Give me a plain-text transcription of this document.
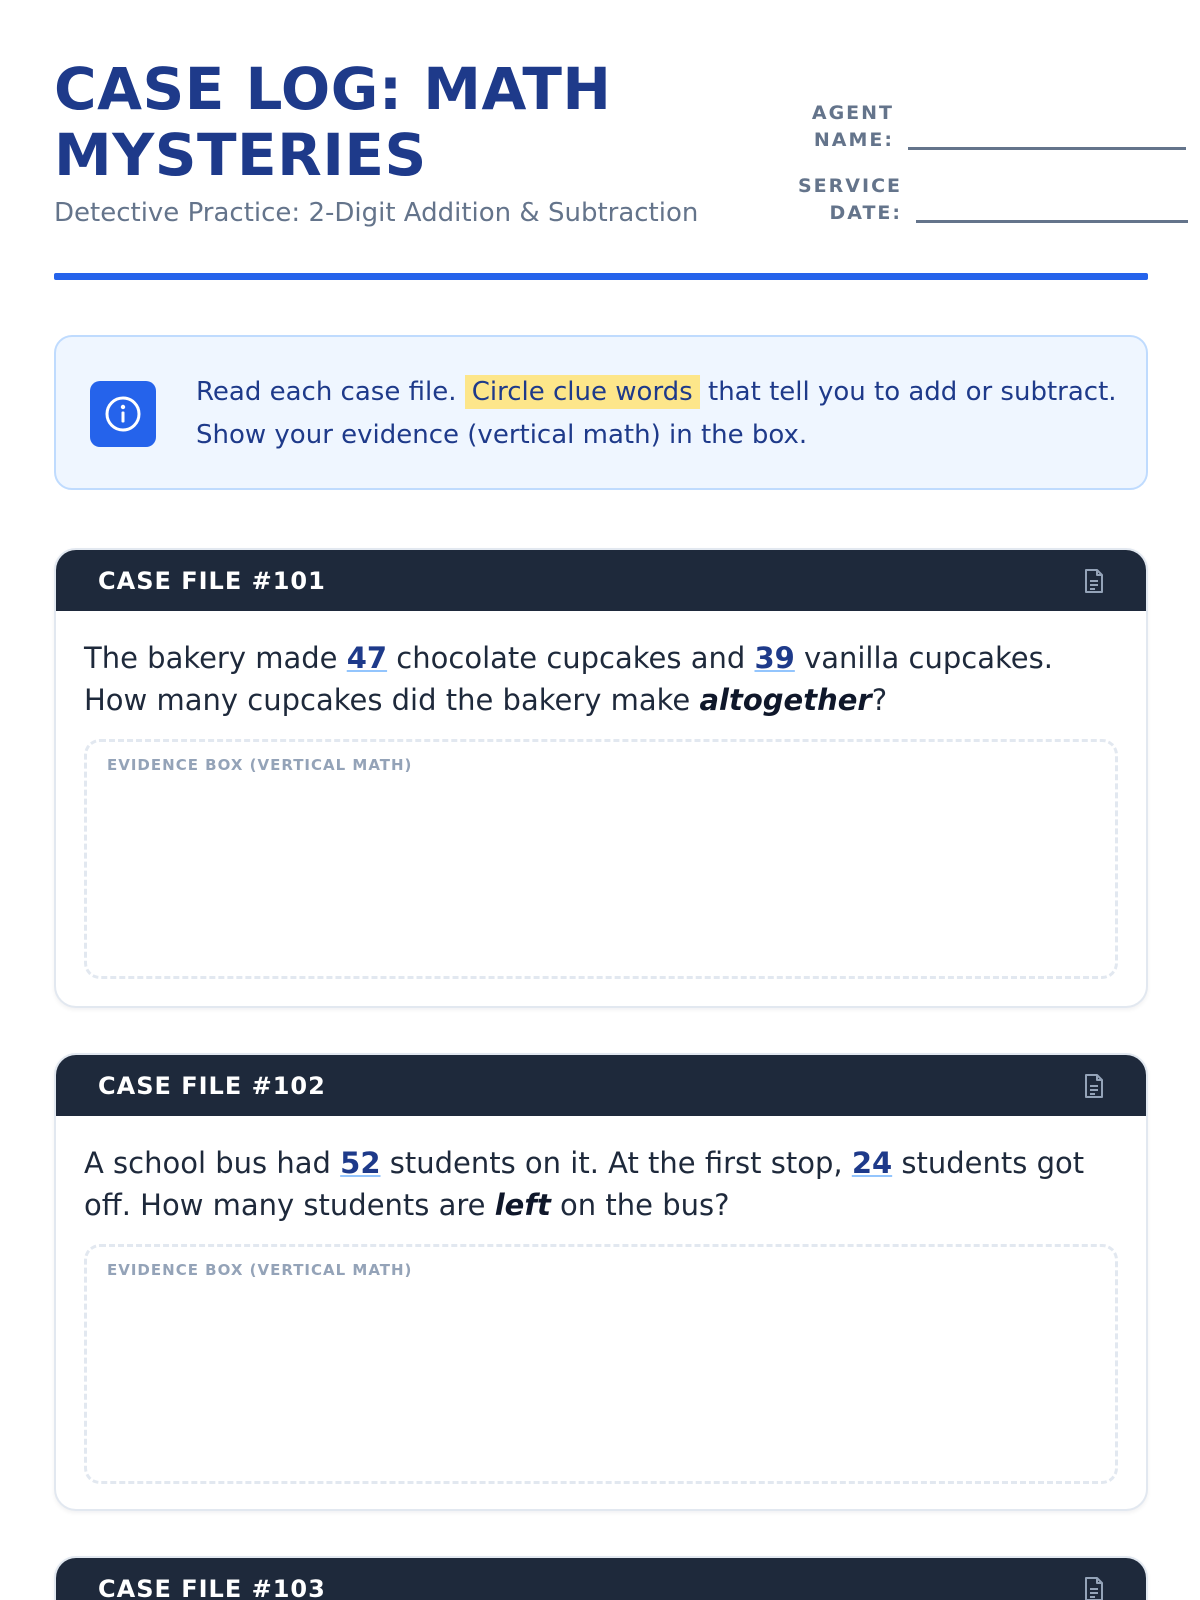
CASE LOG: MATH MYSTERIES
Detective Practice: 2-Digit Addition & Subtraction
AGENT NAME:
SERVICE DATE:

Read each case file. Circle clue words that tell you to add or subtract. Show your evidence (vertical math) in the box.

CASE FILE #101

The bakery made 47 chocolate cupcakes and 39 vanilla cupcakes. How many cupcakes did the bakery make altogether?

EVIDENCE BOX (VERTICAL MATH)
CASE FILE #102

A school bus had 52 students on it. At the first stop, 24 students got off. How many students are left on the bus?

EVIDENCE BOX (VERTICAL MATH)
CASE FILE #103
